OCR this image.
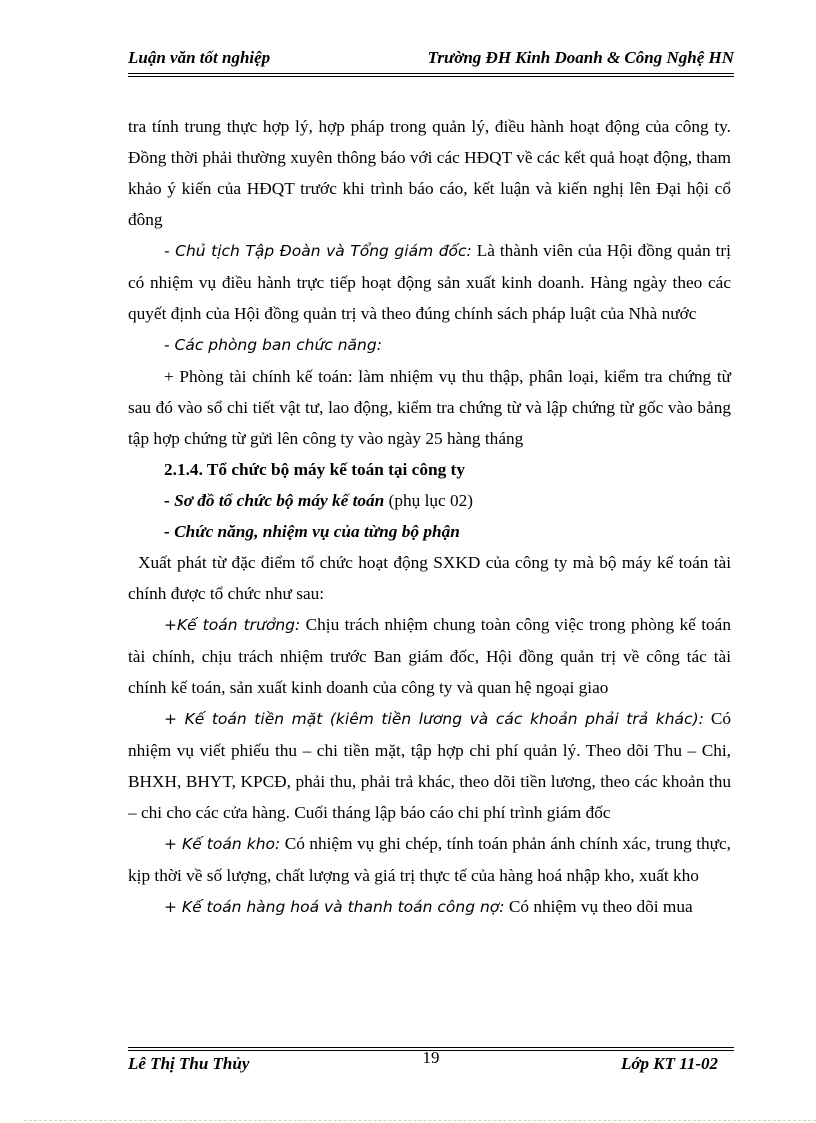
Luận văn tốt nghiệp	Trường ĐH Kinh Doanh & Công Nghệ HN

tra tính trung thực hợp lý, hợp pháp trong quản lý, điều hành hoạt động của công ty. Đồng thời phải thường xuyên thông báo với các HĐQT về các kết quả hoạt động, tham khảo ý kiến của HĐQT trước khi trình báo cáo, kết luận và kiến nghị lên Đại hội cổ đông

- Chủ tịch Tập Đoàn và Tổng giám đốc: Là thành viên của Hội đồng quản trị có nhiệm vụ điều hành trực tiếp hoạt động sản xuất kinh doanh. Hàng ngày theo các quyết định của Hội đồng quản trị và theo đúng chính sách pháp luật của Nhà nước

- Các phòng ban chức năng:

+ Phòng tài chính kế toán: làm nhiệm vụ thu thập, phân loại, kiểm tra chứng từ sau đó vào sổ chi tiết vật tư, lao động, kiểm tra chứng từ và lập chứng từ gốc vào bảng tập hợp chứng từ gửi lên công ty vào ngày 25 hàng tháng

2.1.4. Tổ chức bộ máy kế toán tại công ty

- Sơ đồ tổ chức bộ máy kế toán (phụ lục 02)

- Chức năng, nhiệm vụ của từng bộ phận

Xuất phát từ đặc điểm tổ chức hoạt động SXKD của công ty mà bộ máy kế toán tài chính được tổ chức như sau:

+Kế toán trưởng: Chịu trách nhiệm chung toàn công việc trong phòng kế toán tài chính, chịu trách nhiệm trước Ban giám đốc, Hội đồng quản trị về công tác tài chính kế toán, sản xuất kinh doanh của công ty và quan hệ ngoại giao

+ Kế toán tiền mặt (kiêm tiền lương và các khoản phải trả khác): Có nhiệm vụ viết phiếu thu – chi tiền mặt, tập hợp chi phí quản lý. Theo dõi Thu – Chi, BHXH, BHYT, KPCĐ, phải thu, phải trả khác, theo dõi tiền lương, theo các khoản thu – chi cho các cửa hàng. Cuối tháng lập báo cáo chi phí trình giám đốc

+ Kế toán kho: Có nhiệm vụ ghi chép, tính toán phản ánh chính xác, trung thực, kịp thời về số lượng, chất lượng và giá trị thực tế của hàng hoá nhập kho, xuất kho

+ Kế toán hàng hoá và thanh toán công nợ: Có nhiệm vụ theo dõi mua

Lê Thị Thu Thủy	19	Lớp KT 11-02
